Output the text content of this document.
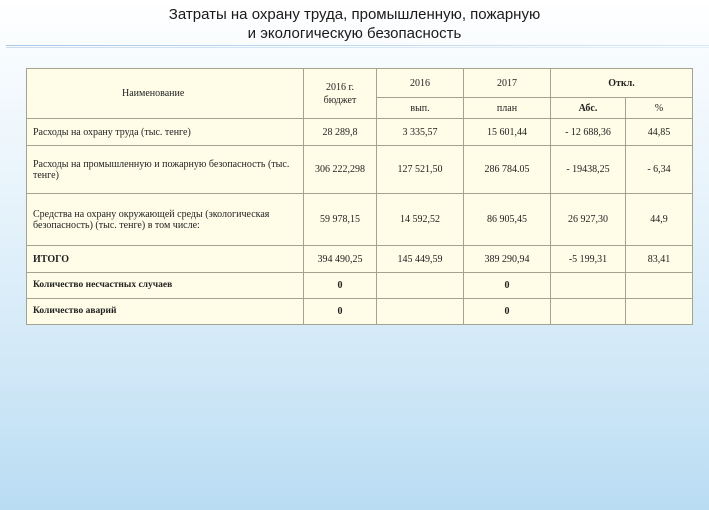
Затраты на охрану труда, промышленную, пожарную
и экологическую безопасность
Наименование	2016 г. бюджет	2016	2017	Откл.	
		вып.	план	Абс.	%
Расходы на охрану труда (тыс. тенге)	28 289,8	3 335,57	15 601,44	- 12 688,36	44,85
Расходы на промышленную и пожарную безопасность (тыс. тенге)	306 222,298	127 521,50	286 784.05	- 19438,25	- 6,34
Средства на охрану окружающей среды (экологическая безопасность) (тыс. тенге) в том числе:	59 978,15	14 592,52	86 905,45	26 927,30	44,9
ИТОГО	394 490,25	145 449,59	389 290,94	-5 199,31	83,41
Количество несчастных случаев	0		0		
Количество аварий	0		0		
